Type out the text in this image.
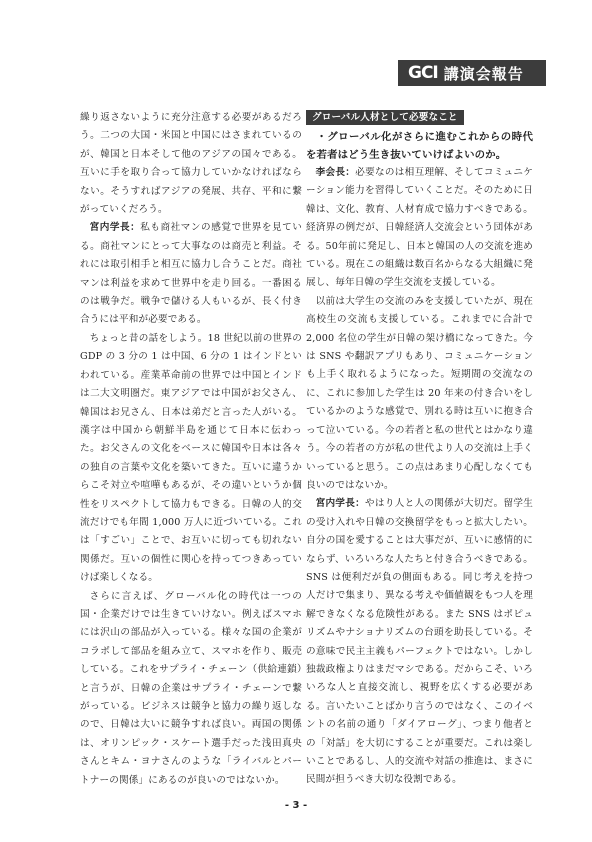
GCI 講演会報告

繰り返さないように充分注意する必要があるだろう。二つの大国・米国と中国にはさまれているのが、韓国と日本そして他のアジアの国々である。互いに手を取り合って協力していかなければならない。そうすればアジアの発展、共存、平和に繋がっていくだろう。

宮内学長：私も商社マンの感覚で世界を見ている。商社マンにとって大事なのは商売と利益。それには取引相手と相互に協力し合うことだ。商社マンは利益を求めて世界中を走り回る。一番困るのは戦争だ。戦争で儲ける人もいるが、長く付き合うには平和が必要である。

ちょっと昔の話をしよう。18 世紀以前の世界の GDP の 3 分の 1 は中国、6 分の 1 はインドといわれている。産業革命前の世界では中国とインドは二大文明圏だ。東アジアでは中国がお父さん、韓国はお兄さん、日本は弟だと言った人がいる。漢字は中国から朝鮮半島を通じて日本に伝わった。お父さんの文化をベースに韓国や日本は各々の独自の言葉や文化を築いてきた。互いに違うからこそ対立や喧嘩もあるが、その違いというか個性をリスペクトして協力もできる。日韓の人的交流だけでも年間 1,000 万人に近づいている。これは「すごい」ことで、お互いに切っても切れない関係だ。互いの個性に関心を持ってつきあっていけば楽しくなる。

さらに言えば、グローバル化の時代は一つの国・企業だけでは生きていけない。例えばスマホには沢山の部品が入っている。様々な国の企業がコラボして部品を組み立て、スマホを作り、販売している。これをサプライ・チェーン（供給連鎖）と言うが、日韓の企業はサプライ・チェーンで繋がっている。ビジネスは競争と協力の繰り返しなので、日韓は大いに競争すれば良い。両国の関係は、オリンピック・スケート選手だった浅田真央さんとキム・ヨナさんのような「ライバルとパートナーの関係」にあるのが良いのではないか。

グローバル人材として必要なこと

・グローバル化がさらに進むこれからの時代を若者はどう生き抜いていけばよいのか。

李会長：必要なのは相互理解、そしてコミュニケーション能力を習得していくことだ。そのために日韓は、文化、教育、人材育成で協力すべきである。経済界の例だが、日韓経済人交流会という団体がある。50年前に発足し、日本と韓国の人の交流を進めている。現在この組織は数百名からなる大組織に発展し、毎年日韓の学生交流を支援している。

以前は大学生の交流のみを支援していたが、現在高校生の交流も支援している。これまでに合計で 2,000 名位の学生が日韓の架け橋になってきた。今は SNS や翻訳アプリもあり、コミュニケーションも上手く取れるようになった。短期間の交流なのに、これに参加した学生は 20 年来の付き合いをしているかのような感覚で、別れる時は互いに抱き合って泣いている。今の若者と私の世代とはかなり違う。今の若者の方が私の世代より人の交流は上手くいっていると思う。この点はあまり心配しなくても良いのではないか。

宮内学長：やはり人と人の関係が大切だ。留学生の受け入れや日韓の交換留学をもっと拡大したい。自分の国を愛することは大事だが、互いに感情的にならず、いろいろな人たちと付き合うべきである。SNS は便利だが負の側面もある。同じ考えを持つ人だけで集まり、異なる考えや価値観をもつ人を理解できなくなる危険性がある。また SNS はポピュリズムやナショナリズムの台頭を助長している。その意味で民主主義もパーフェクトではない。しかし独裁政権よりはまだマシである。だからこそ、いろいろな人と直接交流し、視野を広くする必要がある。言いたいことばかり言うのではなく、このイベントの名前の通り「ダイアローグ」、つまり他者との「対話」を大切にすることが重要だ。これは楽しいことであるし、人的交流や対話の推進は、まさに民間が担うべき大切な役割である。

- 3 -
